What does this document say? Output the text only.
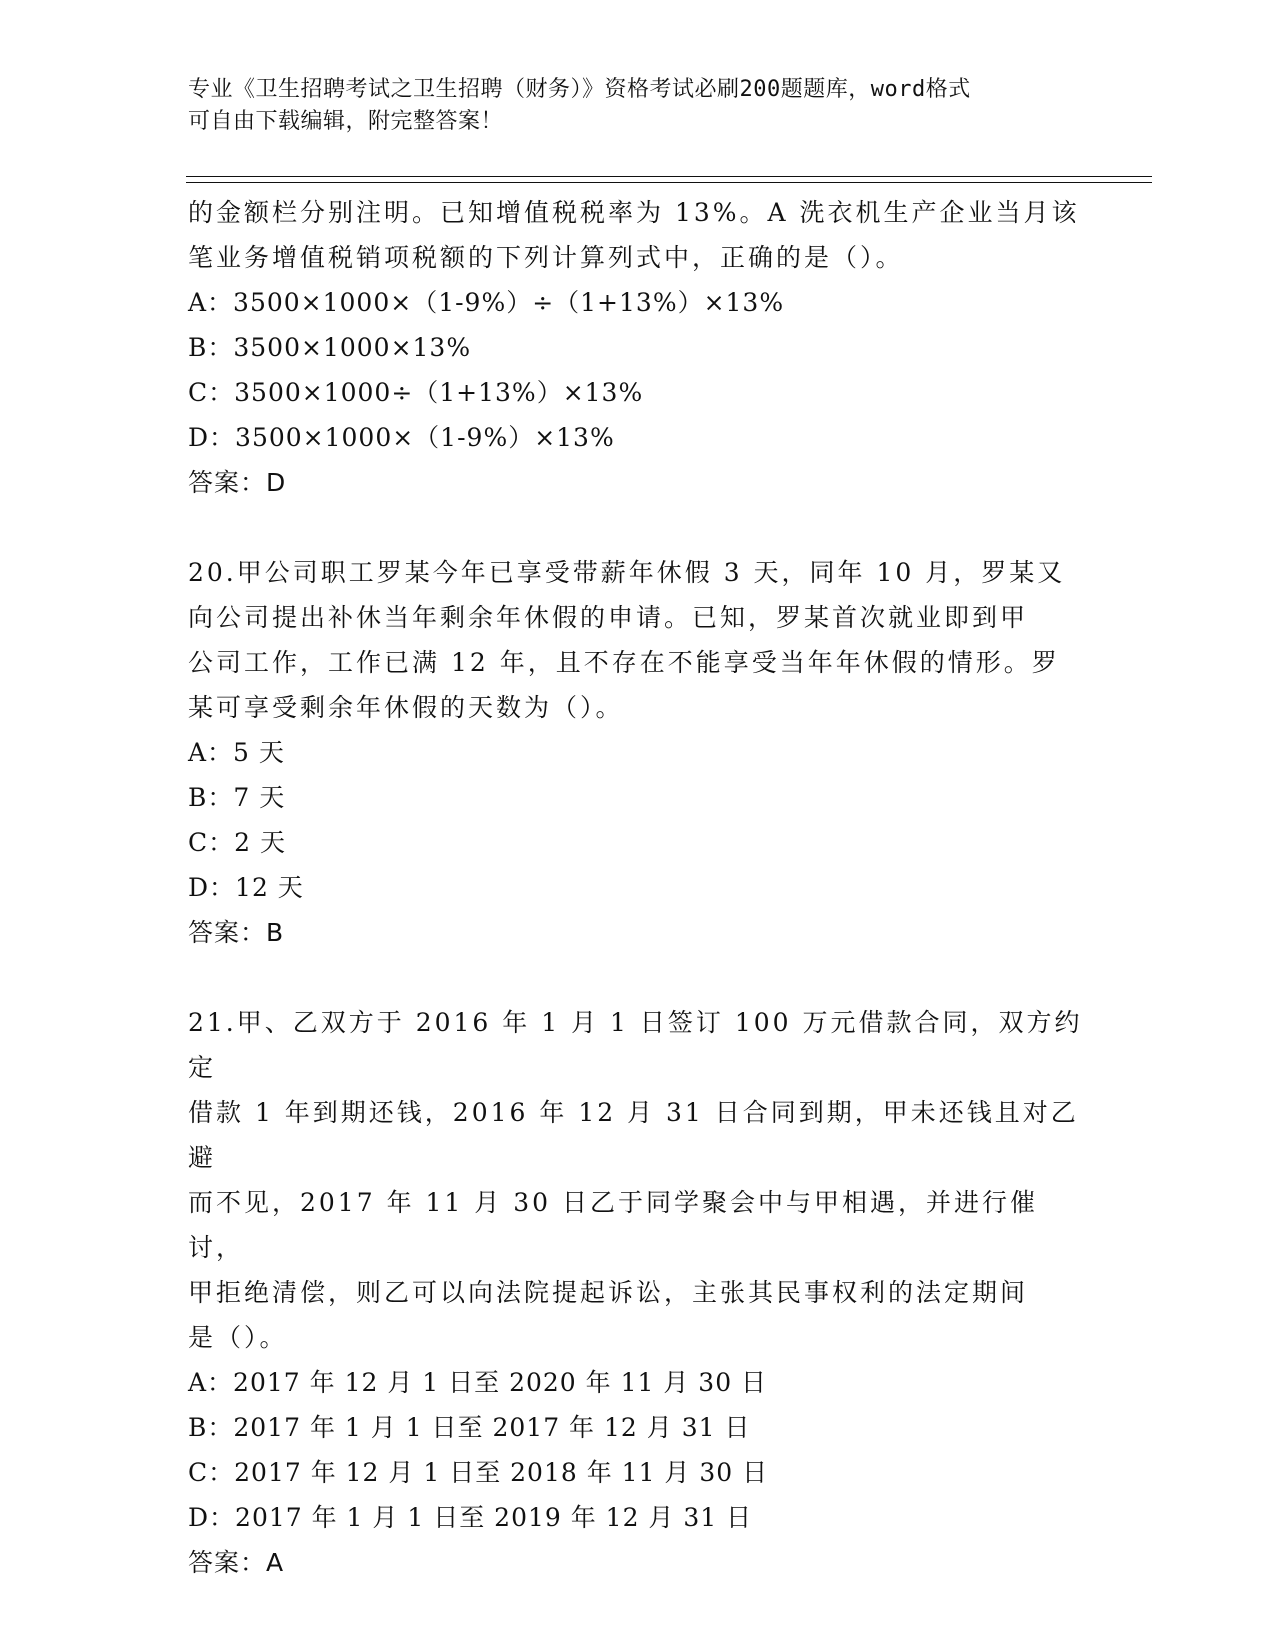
专业《卫生招聘考试之卫生招聘（财务）》资格考试必刷200题题库，word格式
可自由下载编辑，附完整答案！

的金额栏分别注明。已知增值税税率为 13%。A 洗衣机生产企业当月该

笔业务增值税销项税额的下列计算列式中，正确的是（）。

A：3500×1000×（1-9%）÷（1+13%）×13%

B：3500×1000×13%

C：3500×1000÷（1+13%）×13%

D：3500×1000×（1-9%）×13%

答案：D

20.甲公司职工罗某今年已享受带薪年休假 3 天，同年 10 月，罗某又

向公司提出补休当年剩余年休假的申请。已知，罗某首次就业即到甲

公司工作，工作已满 12 年，且不存在不能享受当年年休假的情形。罗

某可享受剩余年休假的天数为（）。

A：5 天

B：7 天

C：2 天

D：12 天

答案：B

21.甲、乙双方于 2016 年 1 月 1 日签订 100 万元借款合同，双方约定

借款 1 年到期还钱，2016 年 12 月 31 日合同到期，甲未还钱且对乙避

而不见，2017 年 11 月 30 日乙于同学聚会中与甲相遇，并进行催讨，

甲拒绝清偿，则乙可以向法院提起诉讼，主张其民事权利的法定期间

是（）。

A：2017 年 12 月 1 日至 2020 年 11 月 30 日

B：2017 年 1 月 1 日至 2017 年 12 月 31 日

C：2017 年 12 月 1 日至 2018 年 11 月 30 日

D：2017 年 1 月 1 日至 2019 年 12 月 31 日

答案：A
